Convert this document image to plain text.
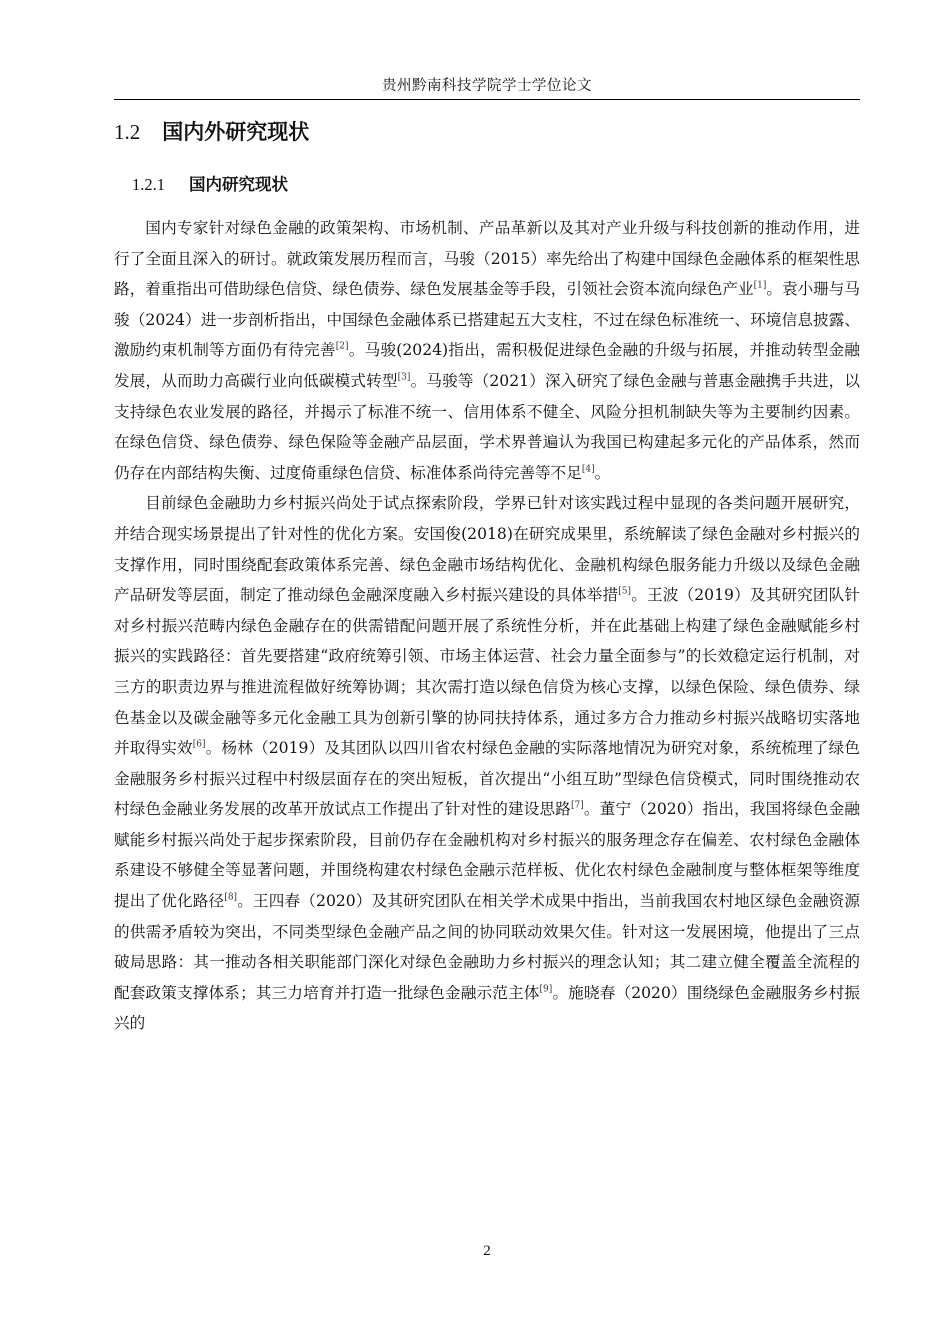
贵州黔南科技学院学士学位论文
1.2 国内外研究现状
1.2.1 国内研究现状

国内专家针对绿色金融的政策架构、市场机制、产品革新以及其对产业升级与科技创新的推动作用，进行了全面且深入的研讨。就政策发展历程而言，马骏（2015）率先给出了构建中国绿色金融体系的框架性思路，着重指出可借助绿色信贷、绿色债券、绿色发展基金等手段，引领社会资本流向绿色产业[1]。袁小珊与马骏（2024）进一步剖析指出，中国绿色金融体系已搭建起五大支柱，不过在绿色标准统一、环境信息披露、激励约束机制等方面仍有待完善[2]。马骏(2024)指出，需积极促进绿色金融的升级与拓展，并推动转型金融发展，从而助力高碳行业向低碳模式转型[3]。马骏等（2021）深入研究了绿色金融与普惠金融携手共进，以支持绿色农业发展的路径，并揭示了标准不统一、信用体系不健全、风险分担机制缺失等为主要制约因素。在绿色信贷、绿色债券、绿色保险等金融产品层面，学术界普遍认为我国已构建起多元化的产品体系，然而仍存在内部结构失衡、过度倚重绿色信贷、标准体系尚待完善等不足[4]。

目前绿色金融助力乡村振兴尚处于试点探索阶段，学界已针对该实践过程中显现的各类问题开展研究，并结合现实场景提出了针对性的优化方案。安国俊(2018)在研究成果里，系统解读了绿色金融对乡村振兴的支撑作用，同时围绕配套政策体系完善、绿色金融市场结构优化、金融机构绿色服务能力升级以及绿色金融产品研发等层面，制定了推动绿色金融深度融入乡村振兴建设的具体举措[5]。王波（2019）及其研究团队针对乡村振兴范畴内绿色金融存在的供需错配问题开展了系统性分析，并在此基础上构建了绿色金融赋能乡村振兴的实践路径：首先要搭建“政府统筹引领、市场主体运营、社会力量全面参与”的长效稳定运行机制，对三方的职责边界与推进流程做好统筹协调；其次需打造以绿色信贷为核心支撑，以绿色保险、绿色债券、绿色基金以及碳金融等多元化金融工具为创新引擎的协同扶持体系，通过多方合力推动乡村振兴战略切实落地并取得实效[6]。杨林（2019）及其团队以四川省农村绿色金融的实际落地情况为研究对象，系统梳理了绿色金融服务乡村振兴过程中村级层面存在的突出短板，首次提出“小组互助”型绿色信贷模式，同时围绕推动农村绿色金融业务发展的改革开放试点工作提出了针对性的建设思路[7]。董宁（2020）指出，我国将绿色金融赋能乡村振兴尚处于起步探索阶段，目前仍存在金融机构对乡村振兴的服务理念存在偏差、农村绿色金融体系建设不够健全等显著问题，并围绕构建农村绿色金融示范样板、优化农村绿色金融制度与整体框架等维度提出了优化路径[8]。王四春（2020）及其研究团队在相关学术成果中指出，当前我国农村地区绿色金融资源的供需矛盾较为突出，不同类型绿色金融产品之间的协同联动效果欠佳。针对这一发展困境，他提出了三点破局思路：其一推动各相关职能部门深化对绿色金融助力乡村振兴的理念认知；其二建立健全覆盖全流程的配套政策支撑体系；其三力培育并打造一批绿色金融示范主体[9]。施晓春（2020）围绕绿色金融服务乡村振兴的

2
